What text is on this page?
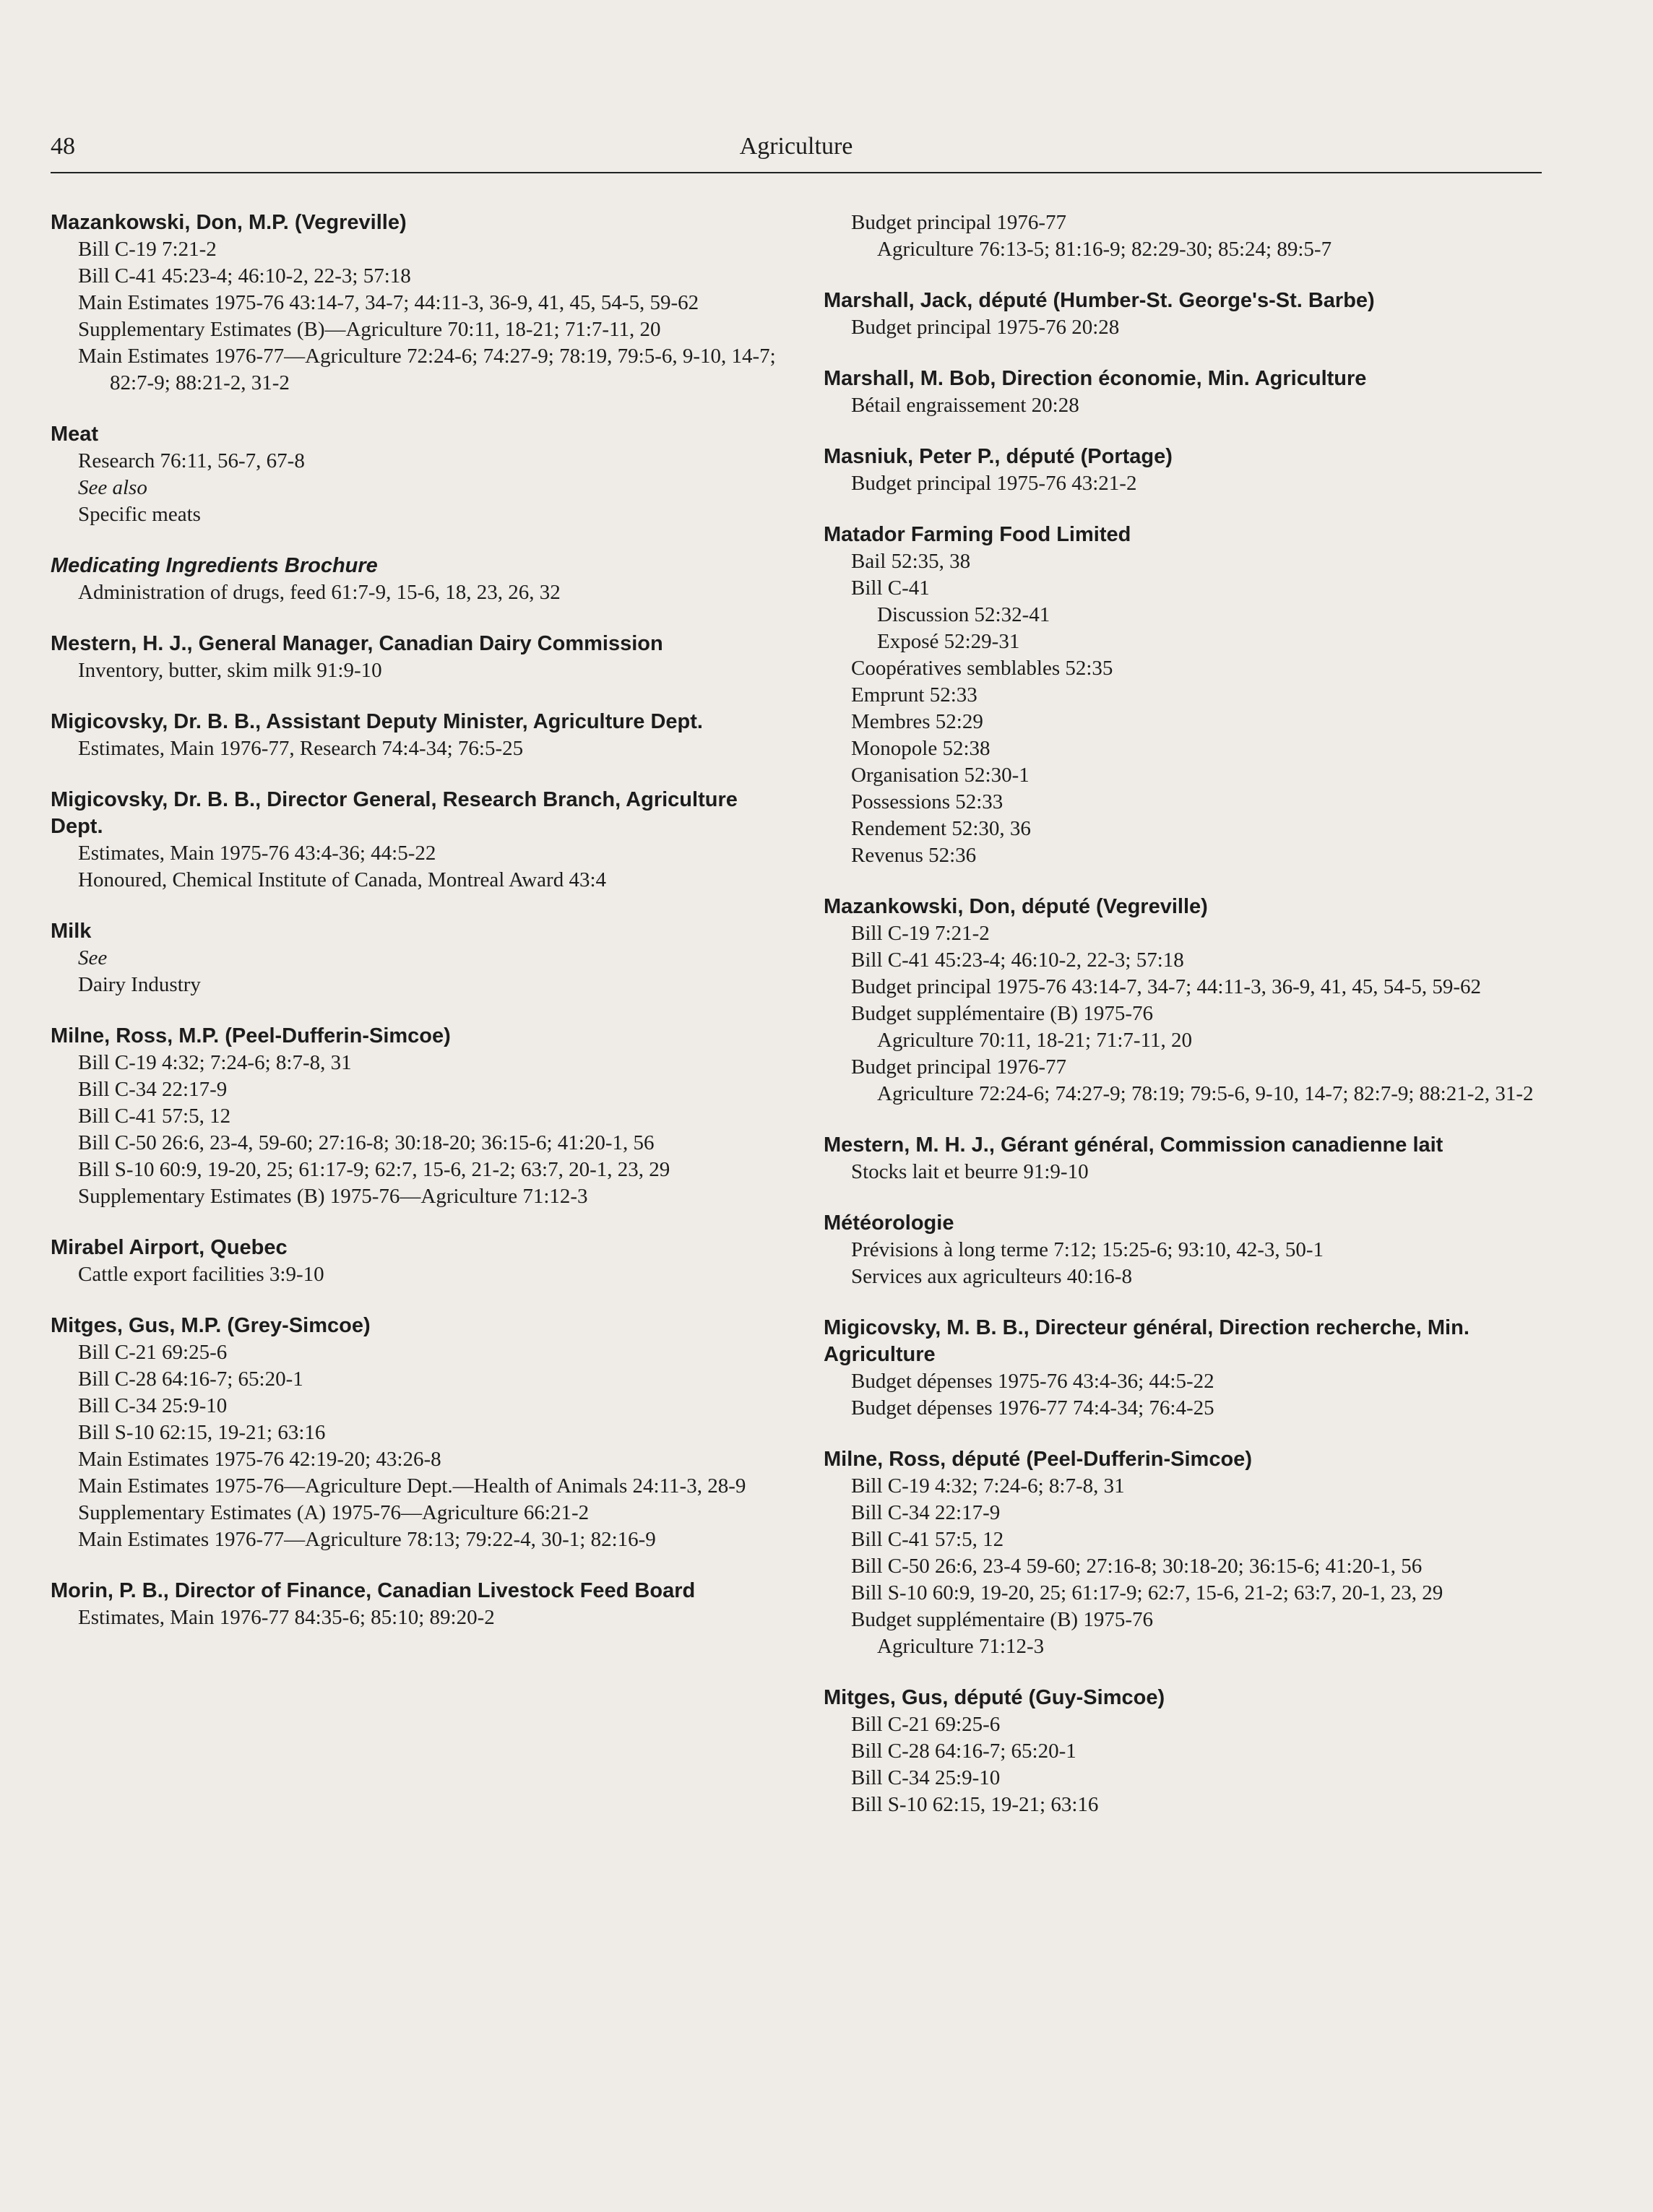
48	Agriculture
Mazankowski, Don, M.P. (Vegreville)
Bill C-19 7:21-2
Bill C-41 45:23-4; 46:10-2, 22-3; 57:18
Main Estimates 1975-76 43:14-7, 34-7; 44:11-3, 36-9, 41, 45, 54-5, 59-62
Supplementary Estimates (B)—Agriculture 70:11, 18-21; 71:7-11, 20
Main Estimates 1976-77—Agriculture 72:24-6; 74:27-9; 78:19, 79:5-6, 9-10, 14-7; 82:7-9; 88:21-2, 31-2
Meat
Research 76:11, 56-7, 67-8
See also
Specific meats
Medicating Ingredients Brochure
Administration of drugs, feed 61:7-9, 15-6, 18, 23, 26, 32
Mestern, H. J., General Manager, Canadian Dairy Commission
Inventory, butter, skim milk 91:9-10
Migicovsky, Dr. B. B., Assistant Deputy Minister, Agriculture Dept.
Estimates, Main 1976-77, Research 74:4-34; 76:5-25
Migicovsky, Dr. B. B., Director General, Research Branch, Agriculture Dept.
Estimates, Main 1975-76 43:4-36; 44:5-22
Honoured, Chemical Institute of Canada, Montreal Award 43:4
Milk
See
Dairy Industry
Milne, Ross, M.P. (Peel-Dufferin-Simcoe)
Bill C-19 4:32; 7:24-6; 8:7-8, 31
Bill C-34 22:17-9
Bill C-41 57:5, 12
Bill C-50 26:6, 23-4, 59-60; 27:16-8; 30:18-20; 36:15-6; 41:20-1, 56
Bill S-10 60:9, 19-20, 25; 61:17-9; 62:7, 15-6, 21-2; 63:7, 20-1, 23, 29
Supplementary Estimates (B) 1975-76—Agriculture 71:12-3
Mirabel Airport, Quebec
Cattle export facilities 3:9-10
Mitges, Gus, M.P. (Grey-Simcoe)
Bill C-21 69:25-6
Bill C-28 64:16-7; 65:20-1
Bill C-34 25:9-10
Bill S-10 62:15, 19-21; 63:16
Main Estimates 1975-76 42:19-20; 43:26-8
Main Estimates 1975-76—Agriculture Dept.—Health of Animals 24:11-3, 28-9
Supplementary Estimates (A) 1975-76—Agriculture 66:21-2
Main Estimates 1976-77—Agriculture 78:13; 79:22-4, 30-1; 82:16-9
Morin, P. B., Director of Finance, Canadian Livestock Feed Board
Estimates, Main 1976-77 84:35-6; 85:10; 89:20-2
Budget principal 1976-77
Agriculture 76:13-5; 81:16-9; 82:29-30; 85:24; 89:5-7
Marshall, Jack, député (Humber-St. George's-St. Barbe)
Budget principal 1975-76 20:28
Marshall, M. Bob, Direction économie, Min. Agriculture
Bétail engraissement 20:28
Masniuk, Peter P., député (Portage)
Budget principal 1975-76 43:21-2
Matador Farming Food Limited
Bail 52:35, 38
Bill C-41
Discussion 52:32-41
Exposé 52:29-31
Coopératives semblables 52:35
Emprunt 52:33
Membres 52:29
Monopole 52:38
Organisation 52:30-1
Possessions 52:33
Rendement 52:30, 36
Revenus 52:36
Mazankowski, Don, député (Vegreville)
Bill C-19 7:21-2
Bill C-41 45:23-4; 46:10-2, 22-3; 57:18
Budget principal 1975-76 43:14-7, 34-7; 44:11-3, 36-9, 41, 45, 54-5, 59-62
Budget supplémentaire (B) 1975-76
Agriculture 70:11, 18-21; 71:7-11, 20
Budget principal 1976-77
Agriculture 72:24-6; 74:27-9; 78:19; 79:5-6, 9-10, 14-7; 82:7-9; 88:21-2, 31-2
Mestern, M. H. J., Gérant général, Commission canadienne lait
Stocks lait et beurre 91:9-10
Météorologie
Prévisions à long terme 7:12; 15:25-6; 93:10, 42-3, 50-1
Services aux agriculteurs 40:16-8
Migicovsky, M. B. B., Directeur général, Direction recherche, Min. Agriculture
Budget dépenses 1975-76 43:4-36; 44:5-22
Budget dépenses 1976-77 74:4-34; 76:4-25
Milne, Ross, député (Peel-Dufferin-Simcoe)
Bill C-19 4:32; 7:24-6; 8:7-8, 31
Bill C-34 22:17-9
Bill C-41 57:5, 12
Bill C-50 26:6, 23-4 59-60; 27:16-8; 30:18-20; 36:15-6; 41:20-1, 56
Bill S-10 60:9, 19-20, 25; 61:17-9; 62:7, 15-6, 21-2; 63:7, 20-1, 23, 29
Budget supplémentaire (B) 1975-76
Agriculture 71:12-3
Mitges, Gus, député (Guy-Simcoe)
Bill C-21 69:25-6
Bill C-28 64:16-7; 65:20-1
Bill C-34 25:9-10
Bill S-10 62:15, 19-21; 63:16
